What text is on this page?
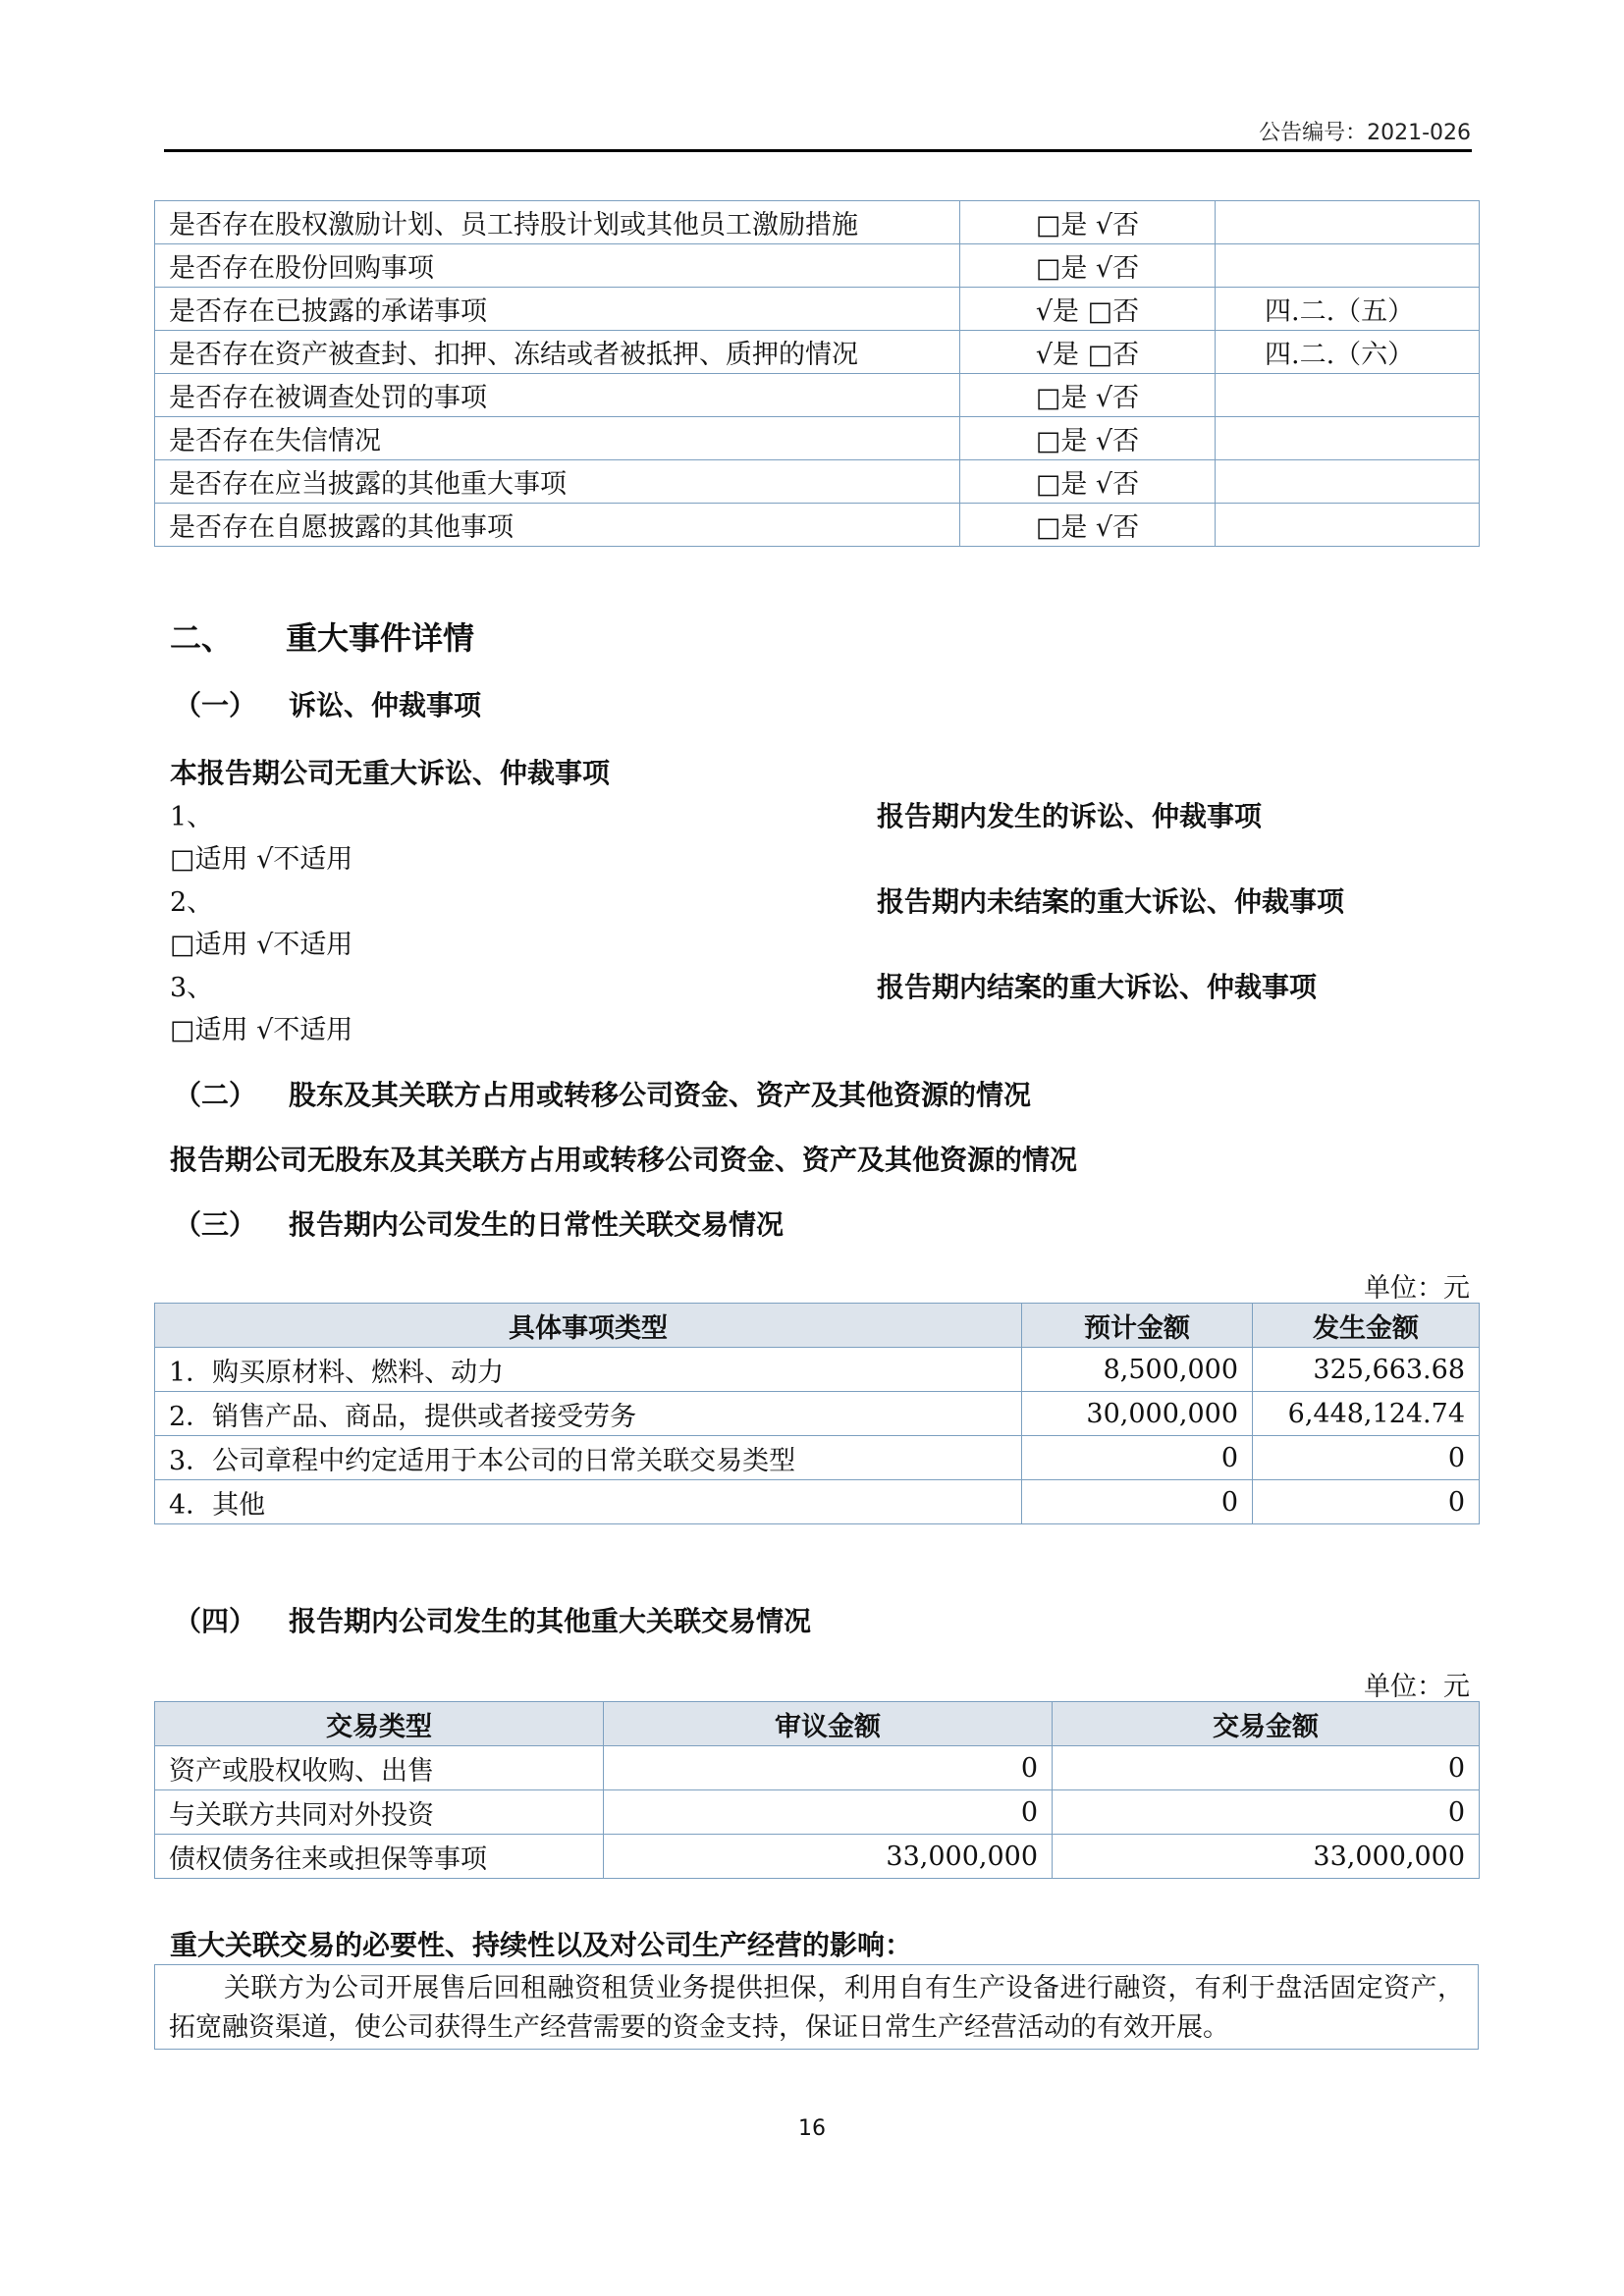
公告编号：2021-026
是否存在股权激励计划、员工持股计划或其他员工激励措施	□是 √否	
是否存在股份回购事项	□是 √否	
是否存在已披露的承诺事项	√是 □否	四.二.（五）
是否存在资产被查封、扣押、冻结或者被抵押、质押的情况	√是 □否	四.二.（六）
是否存在被调查处罚的事项	□是 √否	
是否存在失信情况	□是 √否	
是否存在应当披露的其他重大事项	□是 √否	
是否存在自愿披露的其他事项	□是 √否	
二、 重大事件详情
（一） 诉讼、仲裁事项
本报告期公司无重大诉讼、仲裁事项
1、	报告期内发生的诉讼、仲裁事项
□适用 √不适用
2、	报告期内未结案的重大诉讼、仲裁事项
□适用 √不适用
3、	报告期内结案的重大诉讼、仲裁事项
□适用 √不适用
（二） 股东及其关联方占用或转移公司资金、资产及其他资源的情况
报告期公司无股东及其关联方占用或转移公司资金、资产及其他资源的情况
（三） 报告期内公司发生的日常性关联交易情况
单位：元
具体事项类型	预计金额	发生金额
1．购买原材料、燃料、动力	8,500,000	325,663.68
2．销售产品、商品，提供或者接受劳务	30,000,000	6,448,124.74
3．公司章程中约定适用于本公司的日常关联交易类型	0	0
4．其他	0	0
（四） 报告期内公司发生的其他重大关联交易情况
单位：元
交易类型	审议金额	交易金额
资产或股权收购、出售	0	0
与关联方共同对外投资	0	0
债权债务往来或担保等事项	33,000,000	33,000,000
重大关联交易的必要性、持续性以及对公司生产经营的影响：
关联方为公司开展售后回租融资租赁业务提供担保，利用自有生产设备进行融资，有利于盘活固定资产，拓宽融资渠道，使公司获得生产经营需要的资金支持，保证日常生产经营活动的有效开展。
16
